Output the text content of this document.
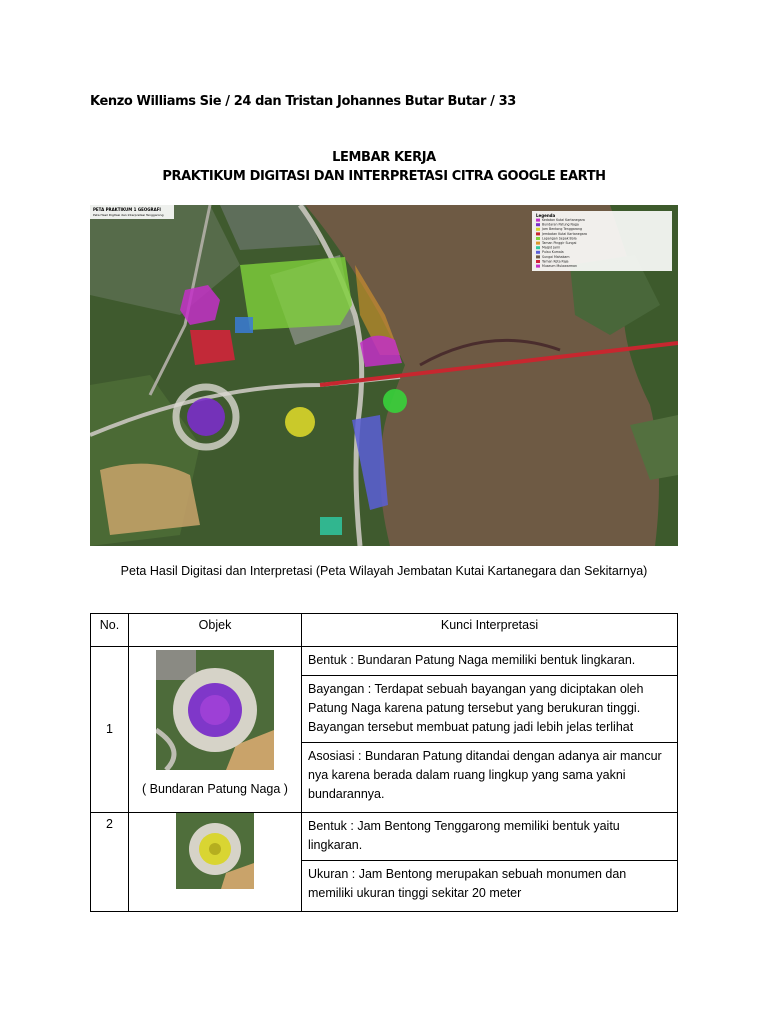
Kenzo Williams Sie / 24 dan Tristan Johannes Butar Butar / 33
LEMBAR KERJA
PRAKTIKUM DIGITASI DAN INTERPRETASI CITRA GOOGLE EARTH
PETA PRAKTIKUM 1 GEOGRAFI
Peta Hasil Digitasi dan Interpretasi Tenggarong
Kedaton Kutai Kartanegara
Bundaran Patung Naga
Jam Bentong Tenggarong
Jembatan Kutai Kartanegara
Lapangan Sepak Bola
Taman Pinggir Sungai
Masjid Jami
Pulau Kumala
Sungai Mahakam
Taman Kota Raja
Museum Mulawarman
Legenda
Peta Hasil Digitasi dan Interpretasi (Peta Wilayah Jembatan Kutai Kartanegara dan Sekitarnya)
No.	Objek	Kunci Interpretasi
1	( Bundaran Patung Naga )	Bentuk : Bundaran Patung Naga memiliki bentuk lingkaran.
		Bayangan : Terdapat sebuah bayangan yang diciptakan oleh Patung Naga karena patung tersebut yang berukuran tinggi. Bayangan tersebut membuat patung jadi lebih jelas terlihat
		Asosiasi : Bundaran Patung ditandai dengan adanya air mancur nya karena berada dalam ruang lingkup yang sama yakni bundarannya.
2		Bentuk : Jam Bentong Tenggarong memiliki bentuk yaitu lingkaran.
		Ukuran : Jam Bentong merupakan sebuah monumen dan memiliki ukuran tinggi sekitar 20 meter
